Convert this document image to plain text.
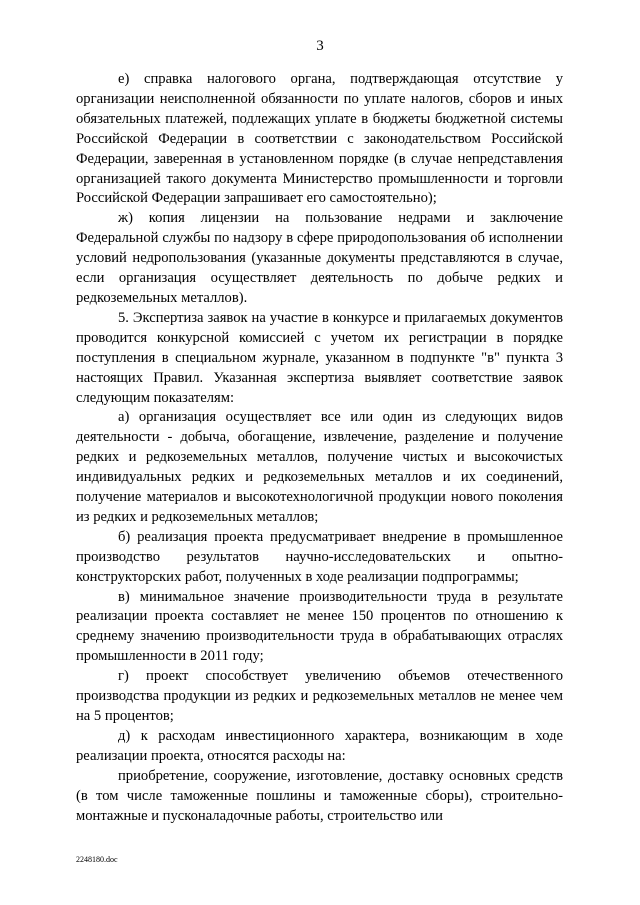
3

е) справка налогового органа, подтверждающая отсутствие у организации неисполненной обязанности по уплате налогов, сборов и иных обязательных платежей, подлежащих уплате в бюджеты бюджетной системы Российской Федерации в соответствии с законодательством Российской Федерации, заверенная в установленном порядке (в случае непредставления организацией такого документа Министерство промышленности и торговли Российской Федерации запрашивает его самостоятельно);

ж) копия лицензии на пользование недрами и заключение Федеральной службы по надзору в сфере природопользования об исполнении условий недропользования (указанные документы представляются в случае, если организация осуществляет деятельность по добыче редких и редкоземельных металлов).

5. Экспертиза заявок на участие в конкурсе и прилагаемых документов проводится конкурсной комиссией с учетом их регистрации в порядке поступления в специальном журнале, указанном в подпункте "в" пункта 3 настоящих Правил. Указанная экспертиза выявляет соответствие заявок следующим показателям:

а) организация осуществляет все или один из следующих видов деятельности - добыча, обогащение, извлечение, разделение и получение редких и редкоземельных металлов, получение чистых и высокочистых индивидуальных редких и редкоземельных металлов и их соединений, получение материалов и высокотехнологичной продукции нового поколения из редких и редкоземельных металлов;

б) реализация проекта предусматривает внедрение в промышленное производство результатов научно-исследовательских и опытно-конструкторских работ, полученных в ходе реализации подпрограммы;

в) минимальное значение производительности труда в результате реализации проекта составляет не менее 150 процентов по отношению к среднему значению производительности труда в обрабатывающих отраслях промышленности в 2011 году;

г) проект способствует увеличению объемов отечественного производства продукции из редких и редкоземельных металлов не менее чем на 5 процентов;

д) к расходам инвестиционного характера, возникающим в ходе реализации проекта, относятся расходы на:

приобретение, сооружение, изготовление, доставку основных средств (в том числе таможенные пошлины и таможенные сборы), строительно-монтажные и пусконаладочные работы, строительство или

2248180.doc
